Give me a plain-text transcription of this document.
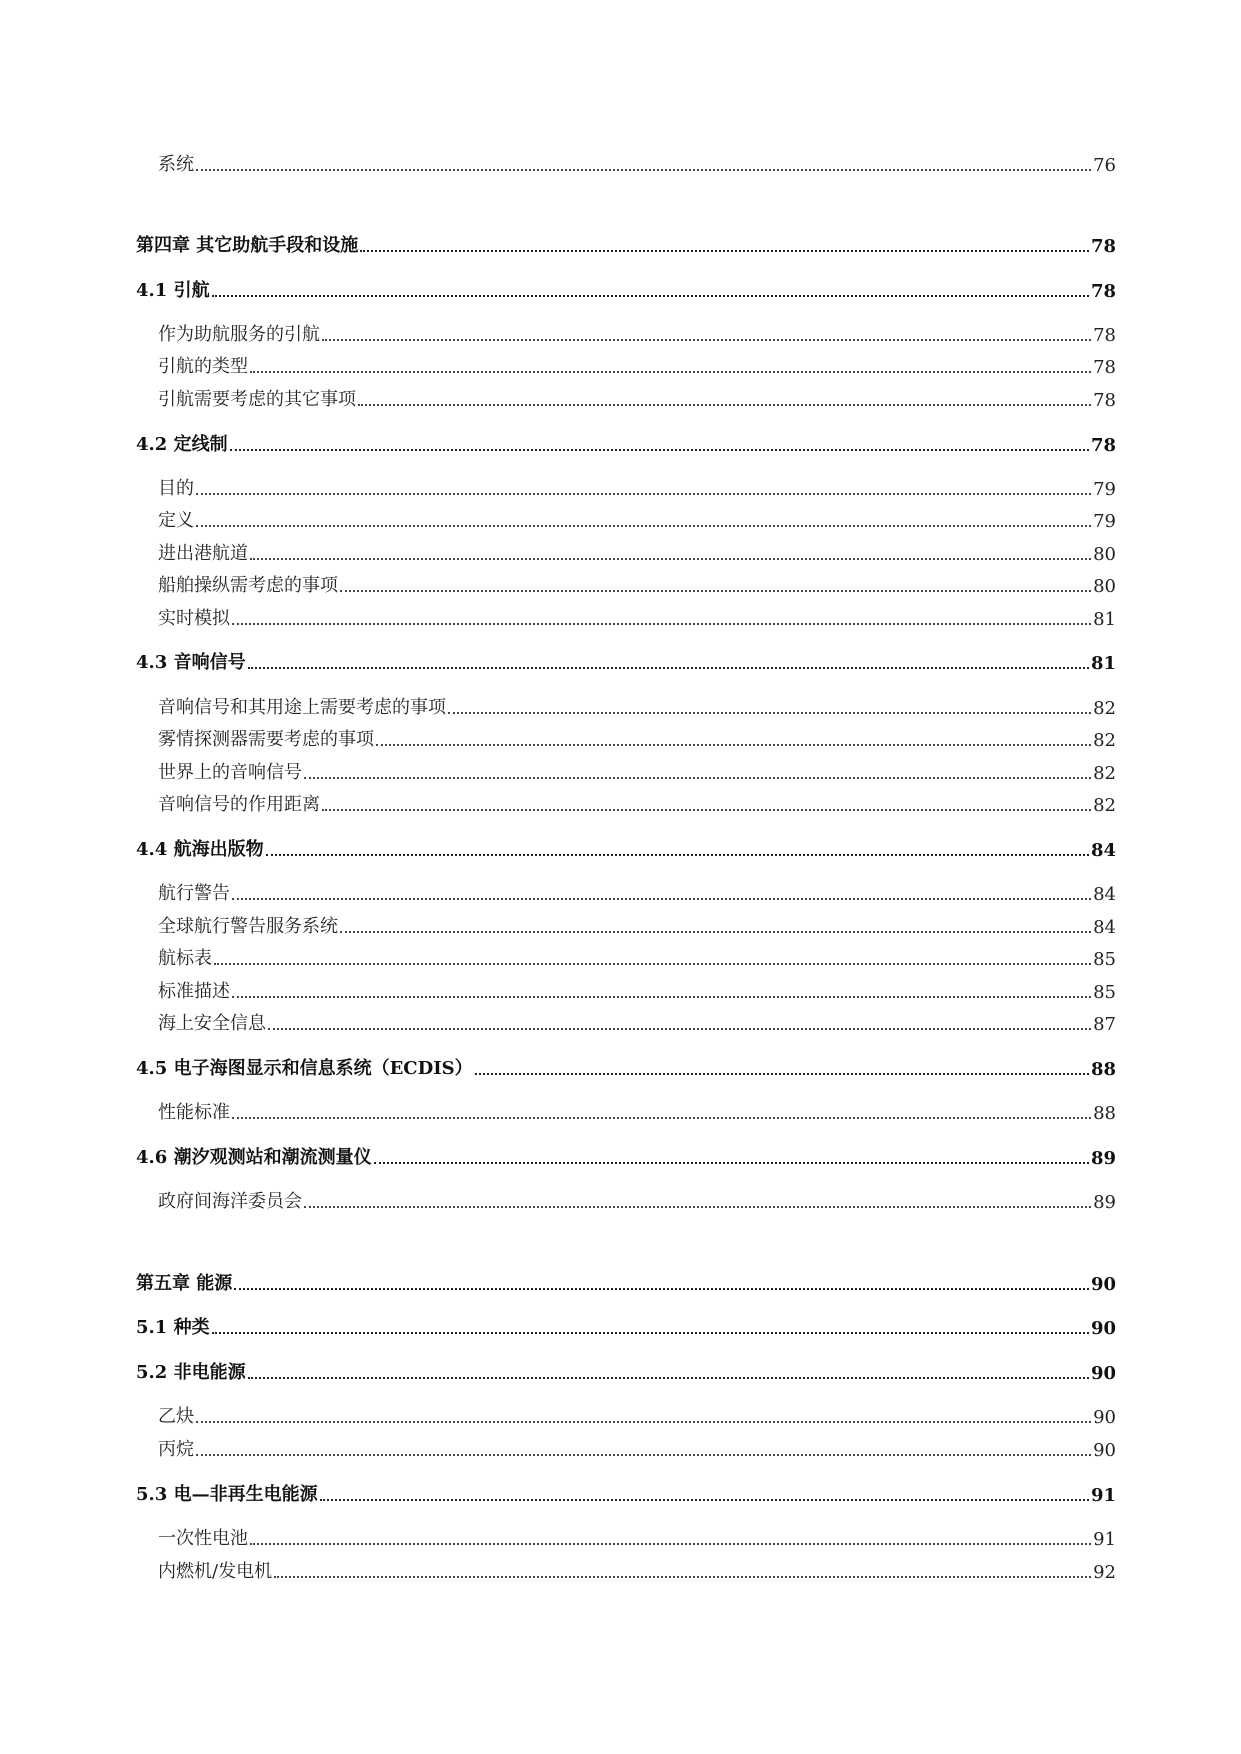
系统	76
第四章 其它助航手段和设施	78
4.1 引航	78
作为助航服务的引航	78
引航的类型	78
引航需要考虑的其它事项	78
4.2 定线制	78
目的	79
定义	79
进出港航道	80
船舶操纵需考虑的事项	80
实时模拟	81
4.3 音响信号	81
音响信号和其用途上需要考虑的事项	82
雾情探测器需要考虑的事项	82
世界上的音响信号	82
音响信号的作用距离	82
4.4 航海出版物	84
航行警告	84
全球航行警告服务系统	84
航标表	85
标准描述	85
海上安全信息	87
4.5 电子海图显示和信息系统（ECDIS）	88
性能标准	88
4.6 潮汐观测站和潮流测量仪	89
政府间海洋委员会	89
第五章 能源	90
5.1 种类	90
5.2 非电能源	90
乙炔	90
丙烷	90
5.3 电—非再生电能源	91
一次性电池	91
内燃机/发电机	92
